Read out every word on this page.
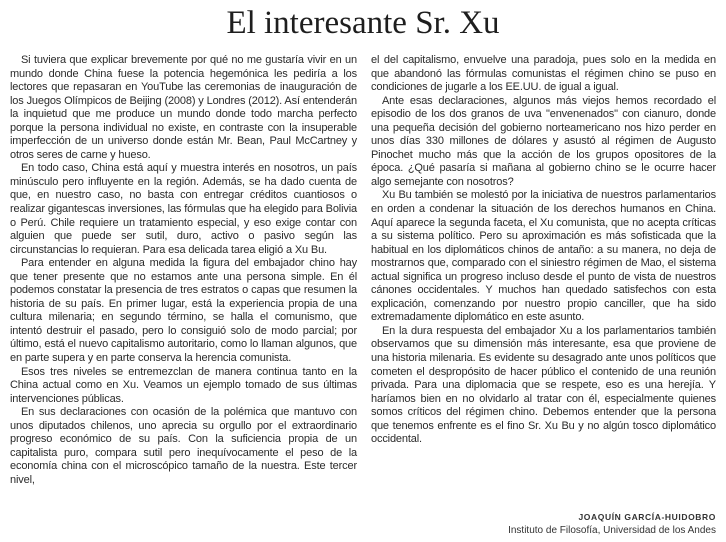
El interesante Sr. Xu

Si tuviera que explicar brevemente por qué no me gustaría vivir en un mundo donde China fuese la potencia hegemónica les pediría a los lectores que repasaran en YouTube las ceremonias de inauguración de los Juegos Olímpicos de Beijing (2008) y Londres (2012). Así entenderán la inquietud que me produce un mundo donde todo marcha perfecto porque la persona individual no existe, en contraste con la insuperable imperfección de un universo donde están Mr. Bean, Paul McCartney y otros seres de carne y hueso.

En todo caso, China está aquí y muestra interés en nosotros, un país minúsculo pero influyente en la región. Además, se ha dado cuenta de que, en nuestro caso, no basta con entregar créditos cuantiosos o realizar gigantescas inversiones, las fórmulas que ha elegido para Bolivia o Perú. Chile requiere un tratamiento especial, y eso exige contar con alguien que puede ser sutil, duro, activo o pasivo según las circunstancias lo requieran. Para esa delicada tarea eligió a Xu Bu.

Para entender en alguna medida la figura del embajador chino hay que tener presente que no estamos ante una persona simple. En él podemos constatar la presencia de tres estratos o capas que resumen la historia de su país. En primer lugar, está la experiencia propia de una cultura milenaria; en segundo término, se halla el comunismo, que intentó destruir el pasado, pero lo consiguió solo de modo parcial; por último, está el nuevo capitalismo autoritario, como lo llaman algunos, que en parte supera y en parte conserva la herencia comunista.

Esos tres niveles se entremezclan de manera continua tanto en la China actual como en Xu. Veamos un ejemplo tomado de sus últimas intervenciones públicas.

En sus declaraciones con ocasión de la polémica que mantuvo con unos diputados chilenos, uno aprecia su orgullo por el extraordinario progreso económico de su país. Con la suficiencia propia de un capitalista puro, compara sutil pero inequívocamente el peso de la economía china con el microscópico tamaño de la nuestra. Este tercer nivel,

el del capitalismo, envuelve una paradoja, pues solo en la medida en que abandonó las fórmulas comunistas el régimen chino se puso en condiciones de jugarle a los EE.UU. de igual a igual.

Ante esas declaraciones, algunos más viejos hemos recordado el episodio de los dos granos de uva "envenenados" con cianuro, donde una pequeña decisión del gobierno norteamericano nos hizo perder en unos días 330 millones de dólares y asustó al régimen de Augusto Pinochet mucho más que la acción de los grupos opositores de la época. ¿Qué pasaría si mañana al gobierno chino se le ocurre hacer algo semejante con nosotros?

Xu Bu también se molestó por la iniciativa de nuestros parlamentarios en orden a condenar la situación de los derechos humanos en China. Aquí aparece la segunda faceta, el Xu comunista, que no acepta críticas a su sistema político. Pero su aproximación es más sofisticada que la habitual en los diplomáticos chinos de antaño: a su manera, no deja de mostrarnos que, comparado con el siniestro régimen de Mao, el sistema actual significa un progreso incluso desde el punto de vista de nuestros cánones occidentales. Y muchos han quedado satisfechos con esta explicación, comenzando por nuestro propio canciller, que ha sido extremadamente diplomático en este asunto.

En la dura respuesta del embajador Xu a los parlamentarios también observamos que su dimensión más interesante, esa que proviene de una historia milenaria. Es evidente su desagrado ante unos políticos que cometen el despropósito de hacer público el contenido de una reunión privada. Para una diplomacia que se respete, eso es una herejía. Y haríamos bien en no olvidarlo al tratar con él, especialmente quienes somos críticos del régimen chino. Debemos entender que la persona que tenemos enfrente es el fino Sr. Xu Bu y no algún tosco diplomático occidental.

JOAQUÍN GARCÍA-HUIDOBRO
Instituto de Filosofía, Universidad de los Andes
